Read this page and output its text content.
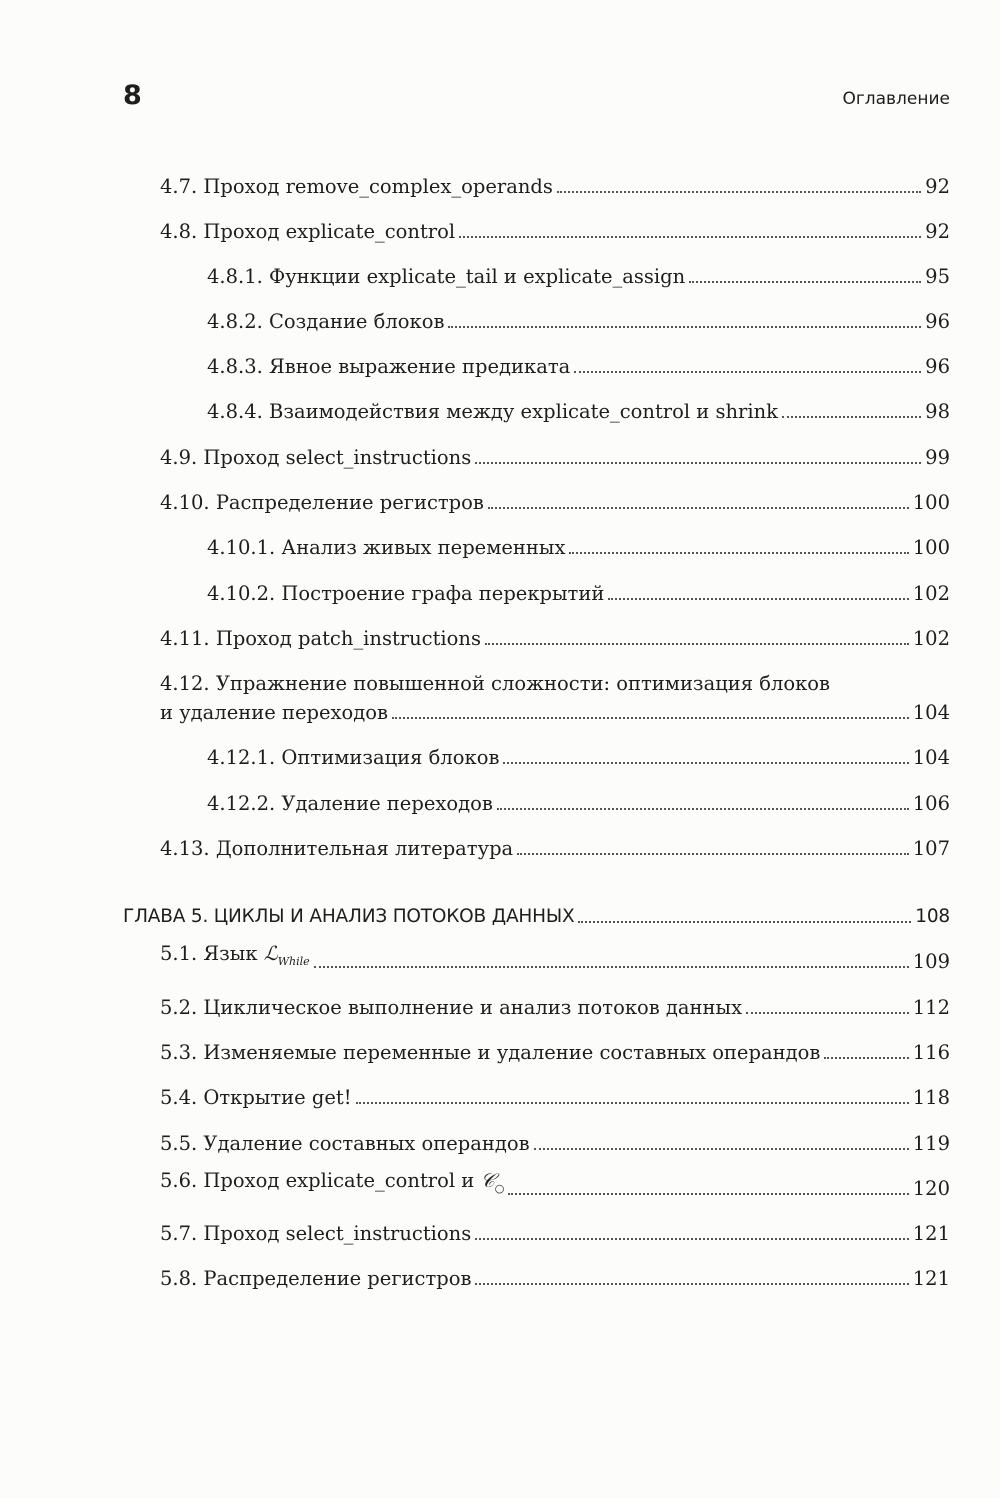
8	Оглавление
4.7. Проход remove_complex_operands	92
4.8. Проход explicate_control	92
4.8.1. Функции explicate_tail и explicate_assign	95
4.8.2. Создание блоков	96
4.8.3. Явное выражение предиката	96
4.8.4. Взаимодействия между explicate_control и shrink	98
4.9. Проход select_instructions	99
4.10. Распределение регистров	100
4.10.1. Анализ живых переменных	100
4.10.2. Построение графа перекрытий	102
4.11. Проход patch_instructions	102
4.12. Упражнение повышенной сложности: оптимизация блоков
и удаление переходов	104
4.12.1. Оптимизация блоков	104
4.12.2. Удаление переходов	106
4.13. Дополнительная литература	107
ГЛАВА 5. ЦИКЛЫ И АНАЛИЗ ПОТОКОВ ДАННЫХ	108
5.1. Язык ℒ$_{While}$	109
5.2. Циклическое выполнение и анализ потоков данных	112
5.3. Изменяемые переменные и удаление составных операндов	116
5.4. Открытие get!	118
5.5. Удаление составных операндов	119
5.6. Проход explicate_control и 𝒞$_○$	120
5.7. Проход select_instructions	121
5.8. Распределение регистров	121
